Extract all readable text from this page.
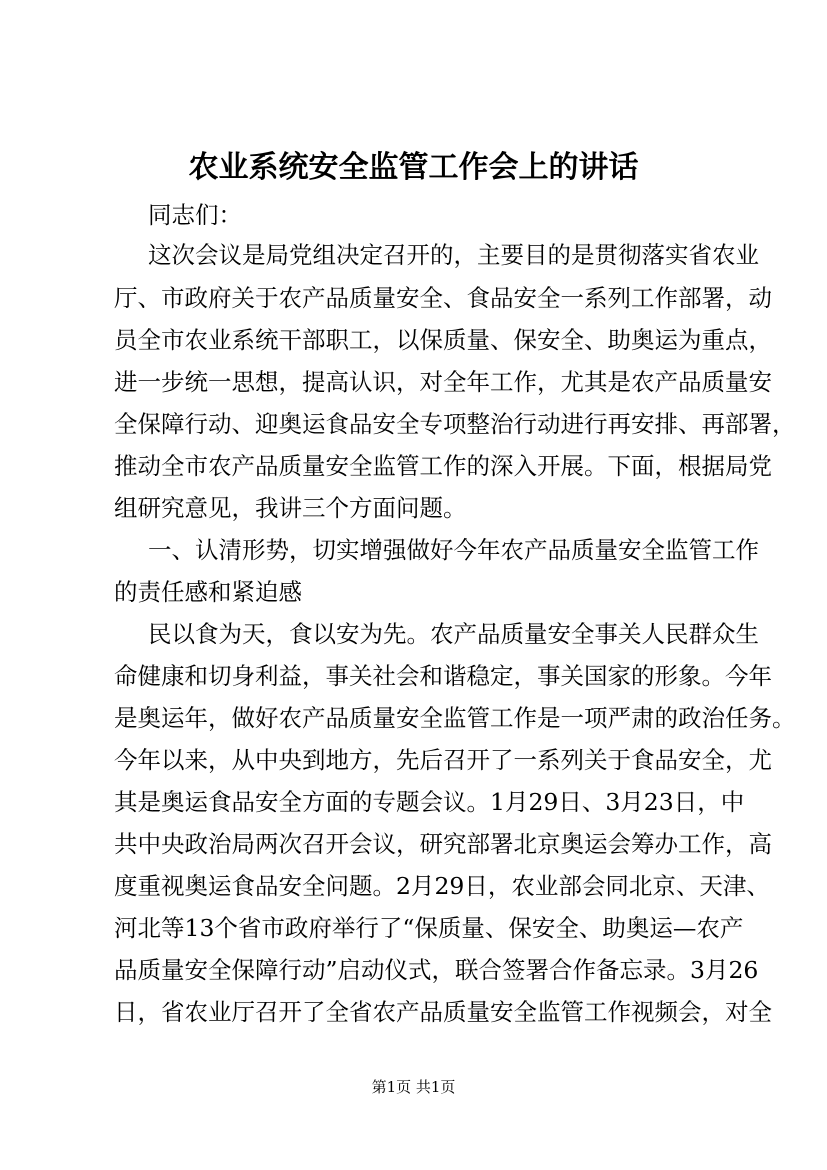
农业系统安全监管工作会上的讲话
同志们：
这次会议是局党组决定召开的，主要目的是贯彻落实省农业
厅、市政府关于农产品质量安全、食品安全一系列工作部署，动
员全市农业系统干部职工，以保质量、保安全、助奥运为重点，
进一步统一思想，提高认识，对全年工作，尤其是农产品质量安
全保障行动、迎奥运食品安全专项整治行动进行再安排、再部署，
推动全市农产品质量安全监管工作的深入开展。下面，根据局党
组研究意见，我讲三个方面问题。
一、认清形势，切实增强做好今年农产品质量安全监管工作
的责任感和紧迫感
民以食为天，食以安为先。农产品质量安全事关人民群众生
命健康和切身利益，事关社会和谐稳定，事关国家的形象。今年
是奥运年，做好农产品质量安全监管工作是一项严肃的政治任务。
今年以来，从中央到地方，先后召开了一系列关于食品安全，尤
其是奥运食品安全方面的专题会议。1月29日、3月23日，中
共中央政治局两次召开会议，研究部署北京奥运会筹办工作，高
度重视奥运食品安全问题。2月29日，农业部会同北京、天津、
河北等13个省市政府举行了“保质量、保安全、助奥运—农产
品质量安全保障行动”启动仪式，联合签署合作备忘录。3月26
日，省农业厅召开了全省农产品质量安全监管工作视频会，对全
第1页 共1页
